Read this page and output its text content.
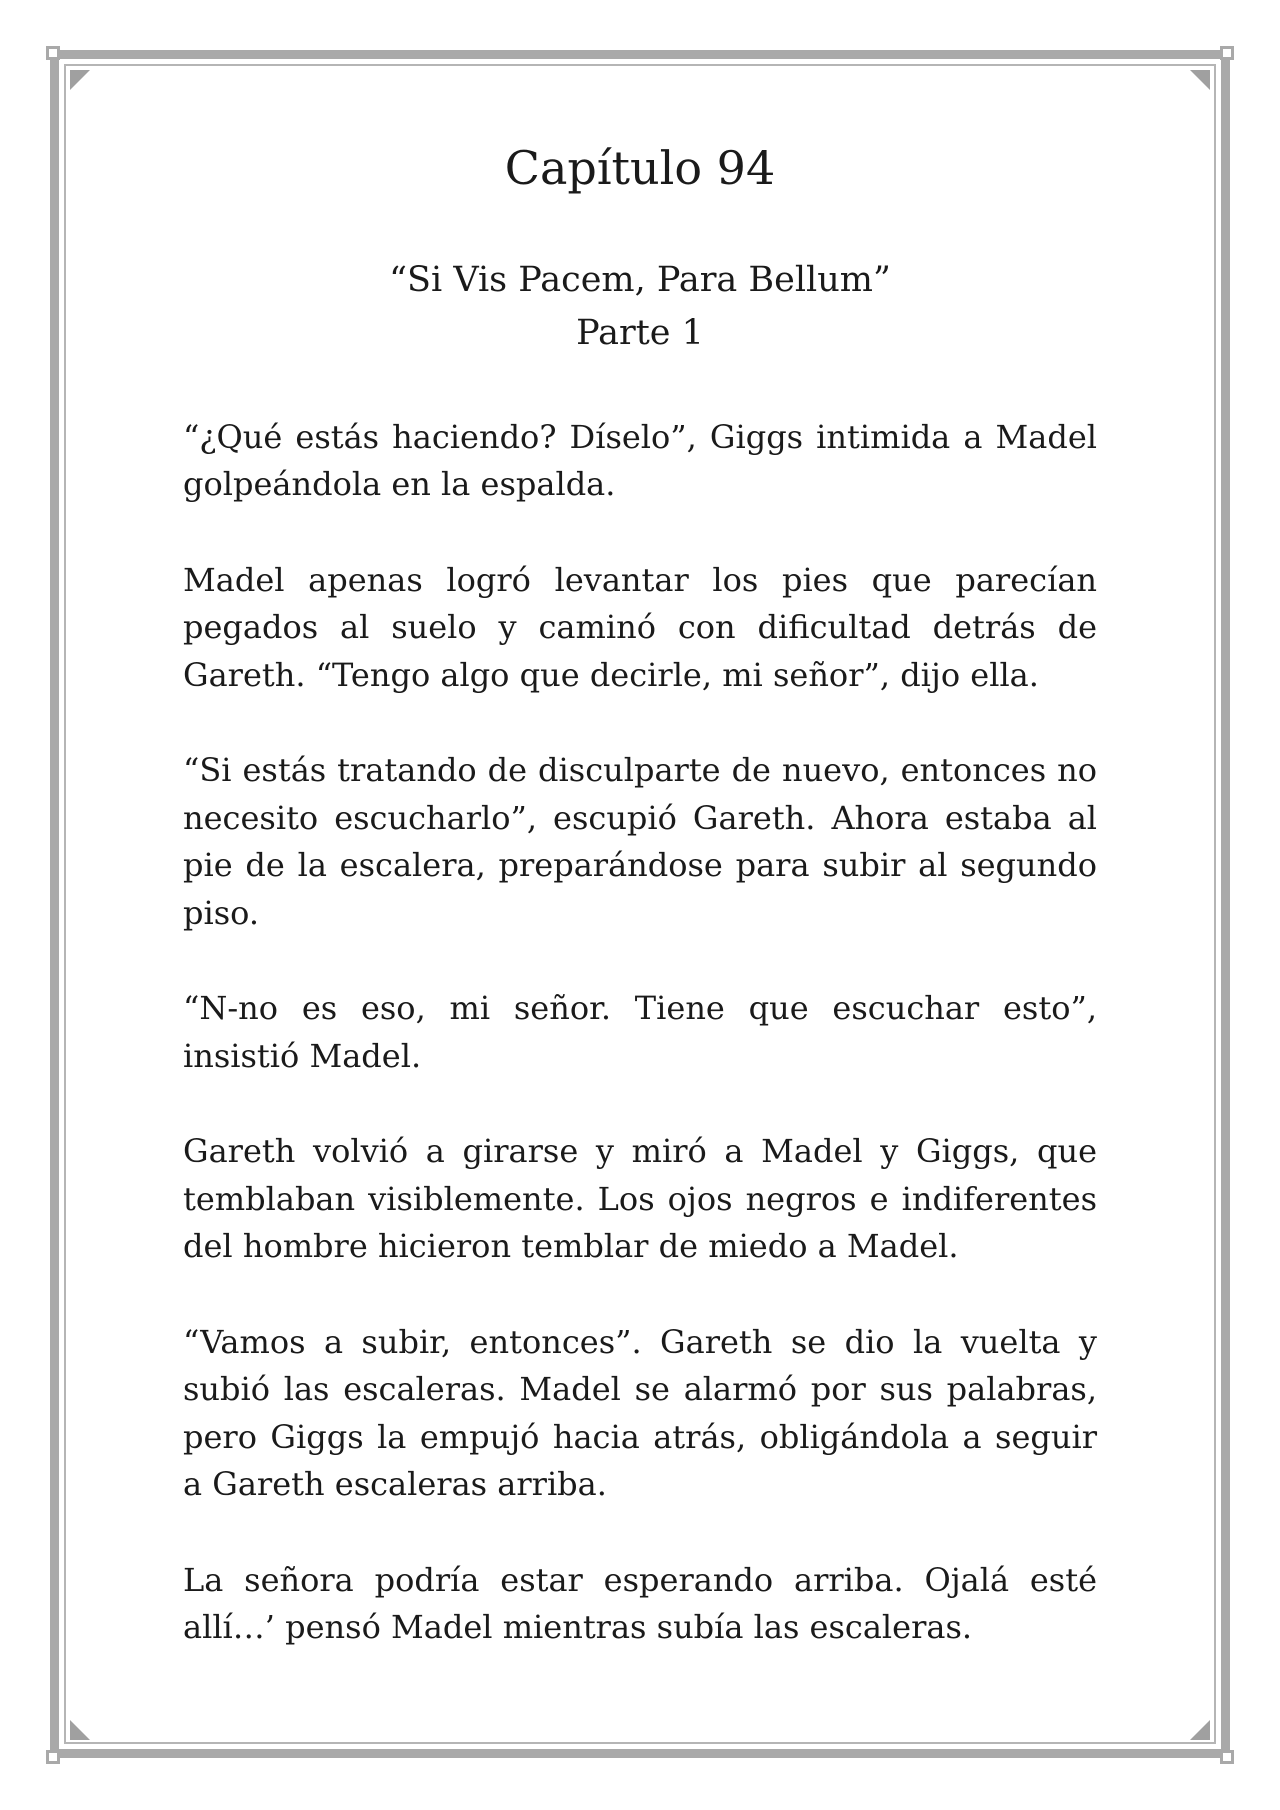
Capítulo 94
“Si Vis Pacem, Para Bellum”
Parte 1

“¿Qué estás haciendo? Díselo”, Giggs intimida a Madel golpeándola en la espalda.

Madel apenas logró levantar los pies que parecían pegados al suelo y caminó con dificultad detrás de Gareth. “Tengo algo que decirle, mi señor”, dijo ella.

“Si estás tratando de disculparte de nuevo, entonces no necesito escucharlo”, escupió Gareth. Ahora estaba al pie de la escalera, preparándose para subir al segundo piso.

“N-no es eso, mi señor. Tiene que escuchar esto”, insistió Madel.

Gareth volvió a girarse y miró a Madel y Giggs, que temblaban visiblemente. Los ojos negros e indiferentes del hombre hicieron temblar de miedo a Madel.

“Vamos a subir, entonces”. Gareth se dio la vuelta y subió las escaleras. Madel se alarmó por sus palabras, pero Giggs la empujó hacia atrás, obligándola a seguir a Gareth escaleras arriba.

La señora podría estar esperando arriba. Ojalá esté allí…’ pensó Madel mientras subía las escaleras.
